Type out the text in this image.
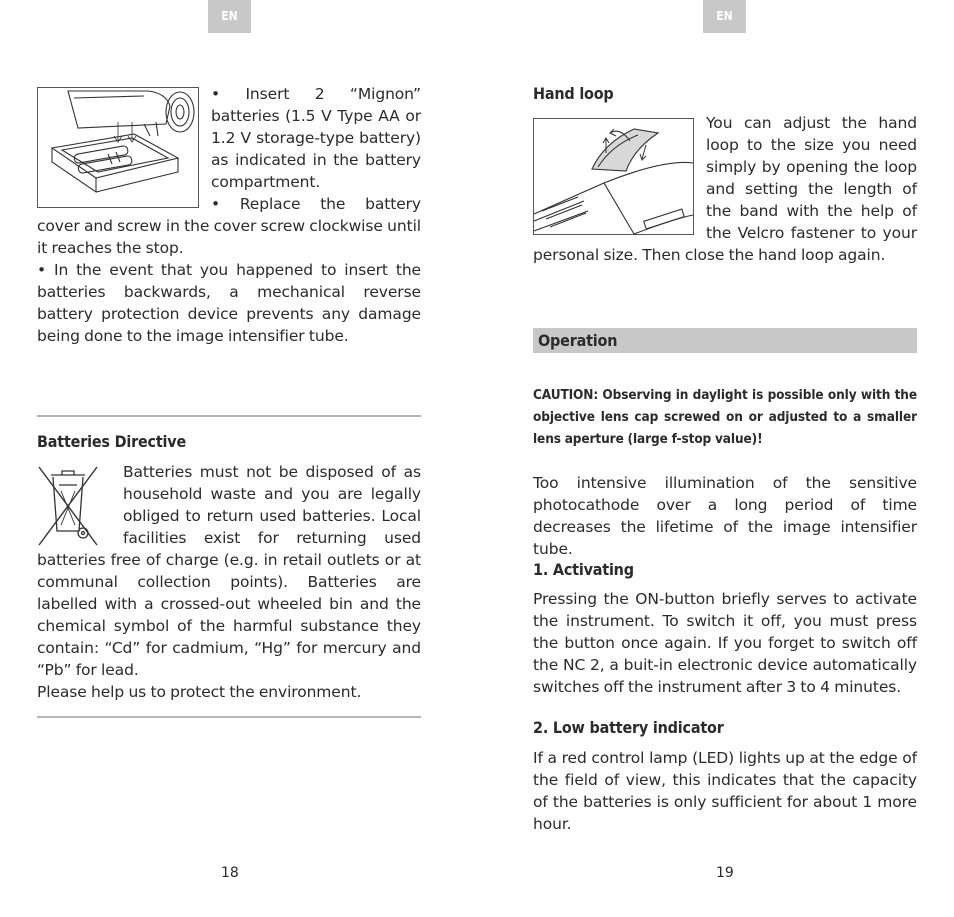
EN	EN

• Insert 2 “Mignon” batteries (1.5 V Type AA or 1.2 V storage-type battery) as indicated in the battery compartment.

• Replace the battery cover and screw in the cover screw clockwise until it reaches the stop.

• In the event that you happened to insert the batteries backwards, a mechanical reverse battery protection device prevents any damage being done to the image intensifier tube.

Batteries Directive

Batteries must not be disposed of as household waste and you are legally obliged to return used batteries. Local facilities exist for returning used batteries free of charge (e.g. in retail outlets or at communal collection points). Batteries are labelled with a crossed-out wheeled bin and the chemical symbol of the harmful substance they contain: “Cd” for cadmium, “Hg” for mercury and “Pb” for lead.

Please help us to protect the environment.

18
Hand loop

You can adjust the hand loop to the size you need simply by opening the loop and setting the length of the band with the help of the Velcro fastener to your personal size. Then close the hand loop again.

Operation

CAUTION: Observing in daylight is possible only with the objective lens cap screwed on or adjusted to a smaller lens aperture (large f-stop value)!

Too intensive illumination of the sensitive photocathode over a long period of time decreases the lifetime of the image intensifier tube.

1. Activating

Pressing the ON-button briefly serves to activate the instrument. To switch it off, you must press the button once again. If you forget to switch off the NC 2, a buit-in electronic device automatically switches off the instrument after 3 to 4 minutes.

2. Low battery indicator

If a red control lamp (LED) lights up at the edge of the field of view, this indicates that the capacity of the batteries is only sufficient for about 1 more hour.

19
